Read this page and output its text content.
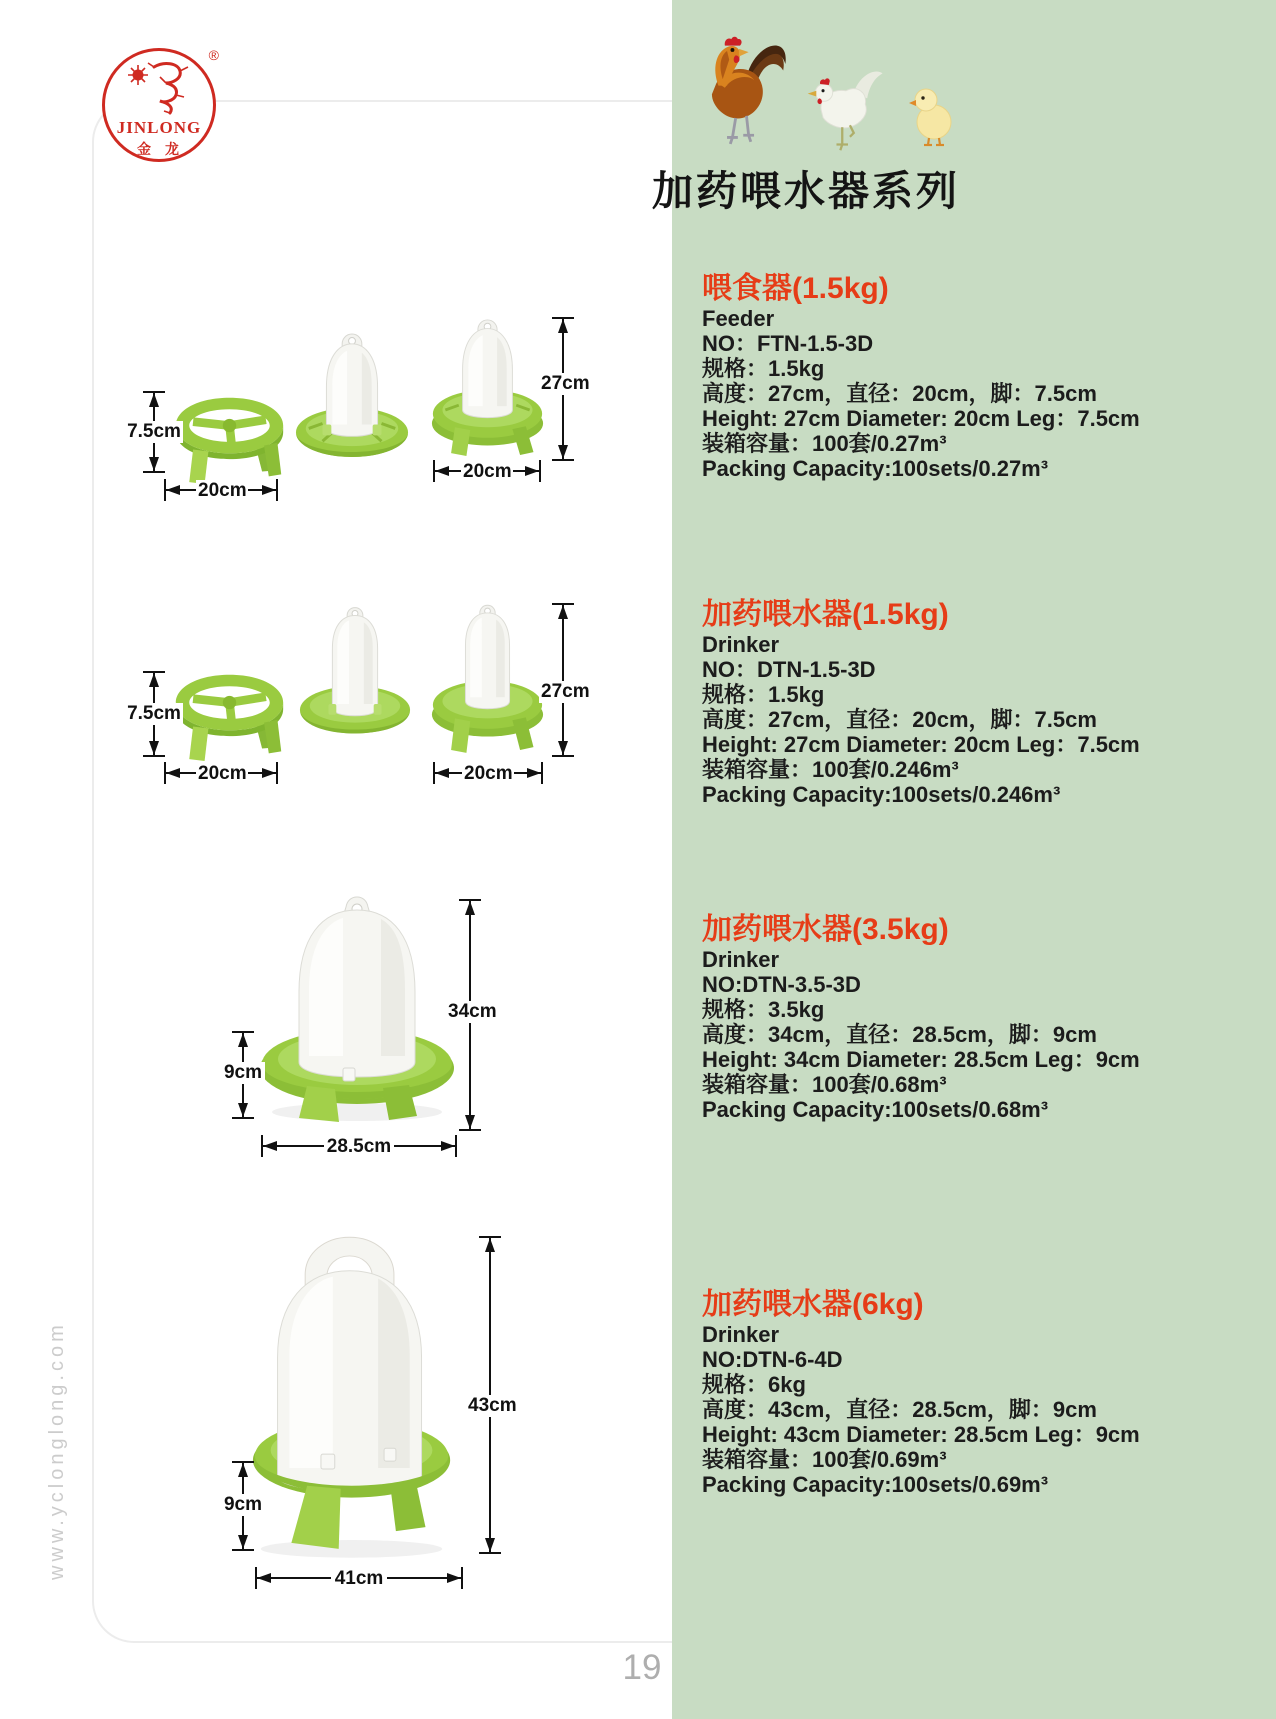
®
JINLONG
金龙
加药喂水器系列
喂食器(1.5kg)

Feeder

NO：FTN-1.5-3D

规格：1.5kg

高度：27cm，直径：20cm，脚：7.5cm

Height: 27cm Diameter: 20cm Leg：7.5cm

装箱容量：100套/0.27m³

Packing Capacity:100sets/0.27m³

加药喂水器(1.5kg)

Drinker

NO：DTN-1.5-3D

规格：1.5kg

高度：27cm，直径：20cm，脚：7.5cm

Height: 27cm Diameter: 20cm Leg：7.5cm

装箱容量：100套/0.246m³

Packing Capacity:100sets/0.246m³

加药喂水器(3.5kg)

Drinker

NO:DTN-3.5-3D

规格：3.5kg

高度：34cm，直径：28.5cm，脚：9cm

Height: 34cm Diameter: 28.5cm Leg：9cm

装箱容量：100套/0.68m³

Packing Capacity:100sets/0.68m³

加药喂水器(6kg)

Drinker

NO:DTN-6-4D

规格：6kg

高度：43cm，直径：28.5cm，脚：9cm

Height: 43cm Diameter: 28.5cm Leg：9cm

装箱容量：100套/0.69m³

Packing Capacity:100sets/0.69m³

7.5cm
20cm
27cm
20cm
7.5cm
20cm
27cm
20cm
34cm
9cm
28.5cm
43cm
9cm
41cm
www.yclonglong.com
19
